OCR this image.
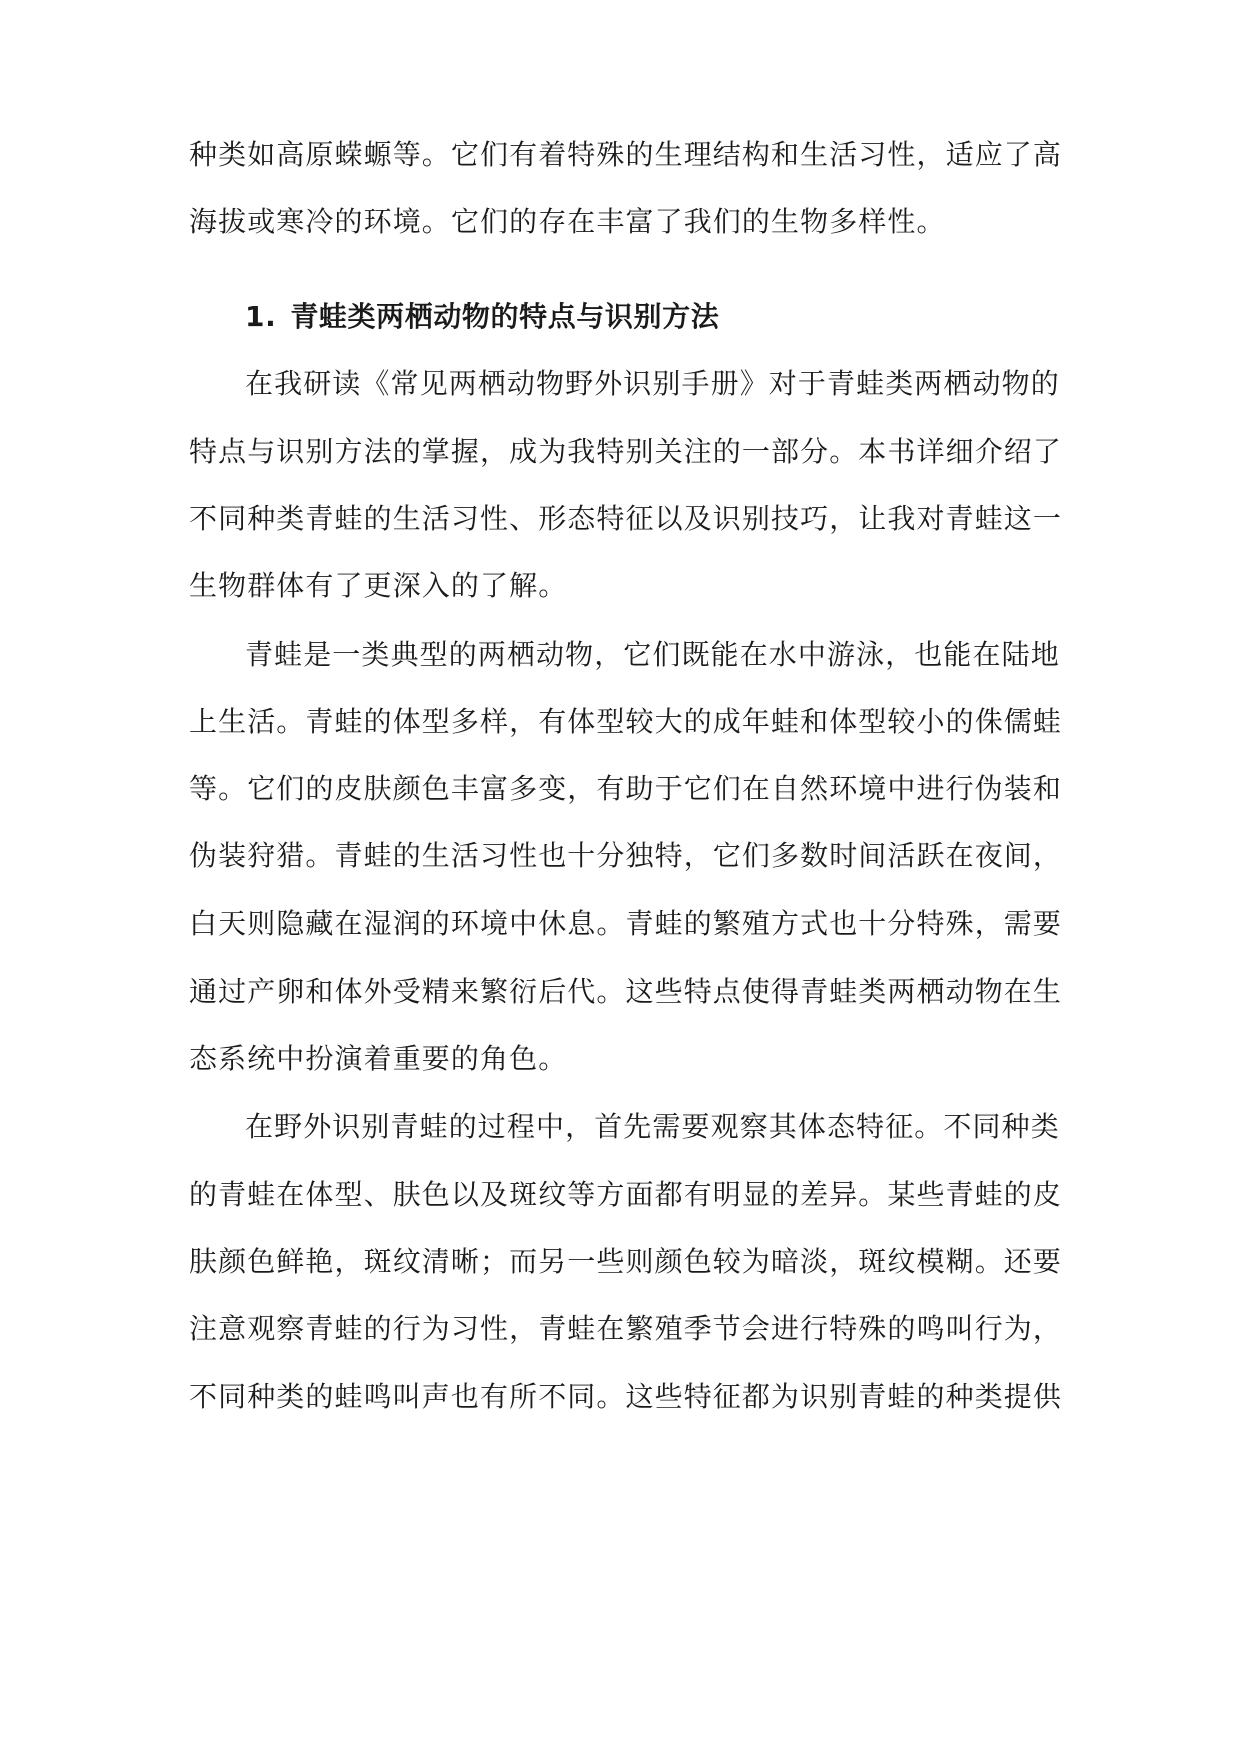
种类如高原蝾螈等。它们有着特殊的生理结构和生活习性，适应了高
海拔或寒冷的环境。它们的存在丰富了我们的生物多样性。
1. 青蛙类两栖动物的特点与识别方法
在我研读《常见两栖动物野外识别手册》对于青蛙类两栖动物的
特点与识别方法的掌握，成为我特别关注的一部分。本书详细介绍了
不同种类青蛙的生活习性、形态特征以及识别技巧，让我对青蛙这一
生物群体有了更深入的了解。
青蛙是一类典型的两栖动物，它们既能在水中游泳，也能在陆地
上生活。青蛙的体型多样，有体型较大的成年蛙和体型较小的侏儒蛙
等。它们的皮肤颜色丰富多变，有助于它们在自然环境中进行伪装和
伪装狩猎。青蛙的生活习性也十分独特，它们多数时间活跃在夜间，
白天则隐藏在湿润的环境中休息。青蛙的繁殖方式也十分特殊，需要
通过产卵和体外受精来繁衍后代。这些特点使得青蛙类两栖动物在生
态系统中扮演着重要的角色。
在野外识别青蛙的过程中，首先需要观察其体态特征。不同种类
的青蛙在体型、肤色以及斑纹等方面都有明显的差异。某些青蛙的皮
肤颜色鲜艳，斑纹清晰；而另一些则颜色较为暗淡，斑纹模糊。还要
注意观察青蛙的行为习性，青蛙在繁殖季节会进行特殊的鸣叫行为，
不同种类的蛙鸣叫声也有所不同。这些特征都为识别青蛙的种类提供
